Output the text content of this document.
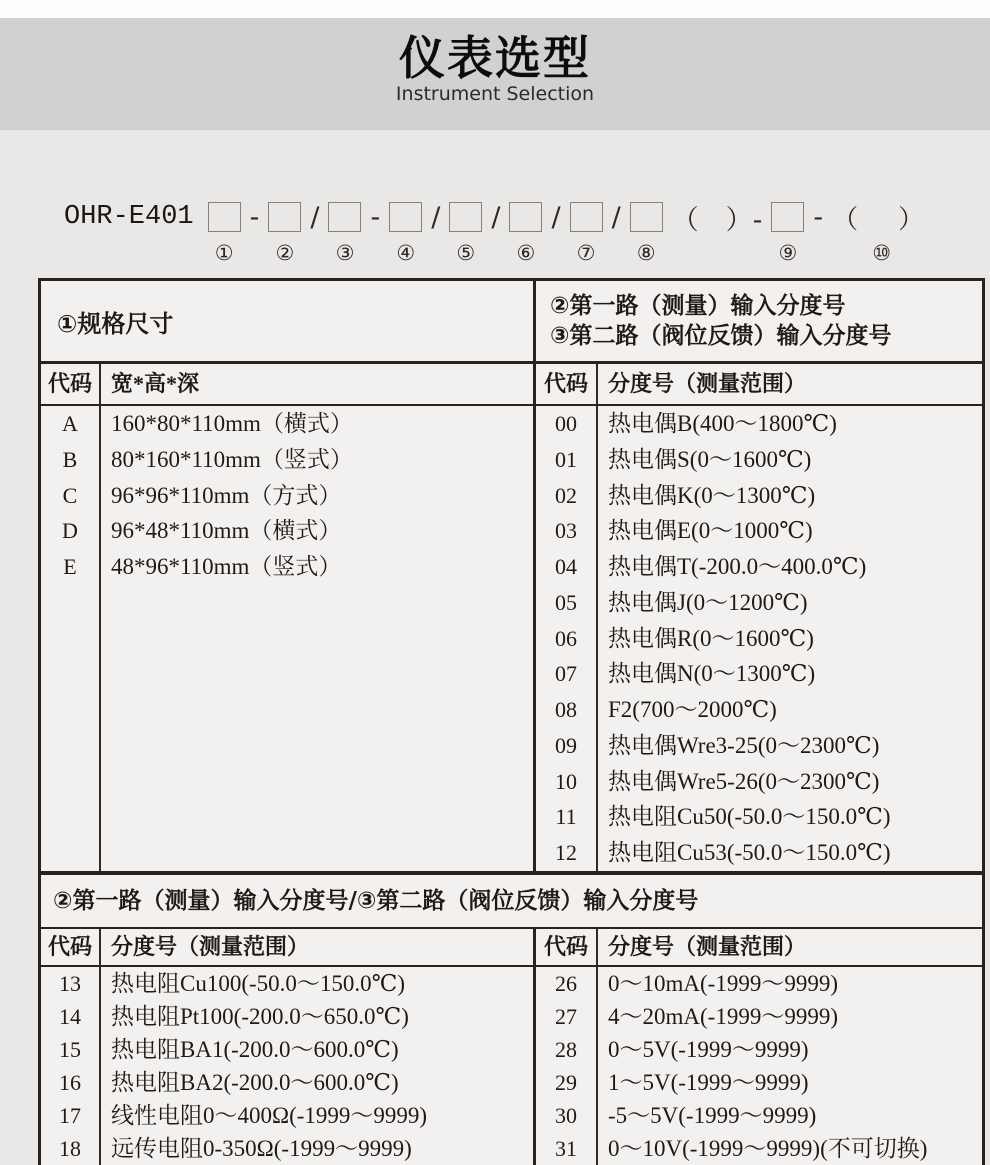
仪表选型
Instrument Selection
OHR-E401
①
-
②
/
③
-
④
/
⑤
/
⑥
/
⑦
/
⑧
（　）-
⑨
- （　）
⑩
①规格尺寸
②第一路（测量）输入分度号
③第二路（阀位反馈）输入分度号
代码 宽*高*深	代码 分度号（测量范围）
A
B
C
D
E
160*80*110mm（横式）
80*160*110mm（竖式）
96*96*110mm（方式）
96*48*110mm（横式）
48*96*110mm（竖式）
00
01
02
03
04
05
06
07
08
09
10
11
12
热电偶B(400～1800℃)
热电偶S(0～1600℃)
热电偶K(0～1300℃)
热电偶E(0～1000℃)
热电偶T(-200.0～400.0℃)
热电偶J(0～1200℃)
热电偶R(0～1600℃)
热电偶N(0～1300℃)
F2(700～2000℃)
热电偶Wre3-25(0～2300℃)
热电偶Wre5-26(0～2300℃)
热电阻Cu50(-50.0～150.0℃)
热电阻Cu53(-50.0～150.0℃)
②第一路（测量）输入分度号/③第二路（阀位反馈）输入分度号
代码 分度号（测量范围）	代码 分度号（测量范围）
13
14
15
16
17
18
热电阻Cu100(-50.0～150.0℃)
热电阻Pt100(-200.0～650.0℃)
热电阻BA1(-200.0～600.0℃)
热电阻BA2(-200.0～600.0℃)
线性电阻0～400Ω(-1999～9999)
远传电阻0-350Ω(-1999～9999)
26
27
28
29
30
31
0～10mA(-1999～9999)
4～20mA(-1999～9999)
0～5V(-1999～9999)
1～5V(-1999～9999)
-5～5V(-1999～9999)
0～10V(-1999～9999)(不可切换)
